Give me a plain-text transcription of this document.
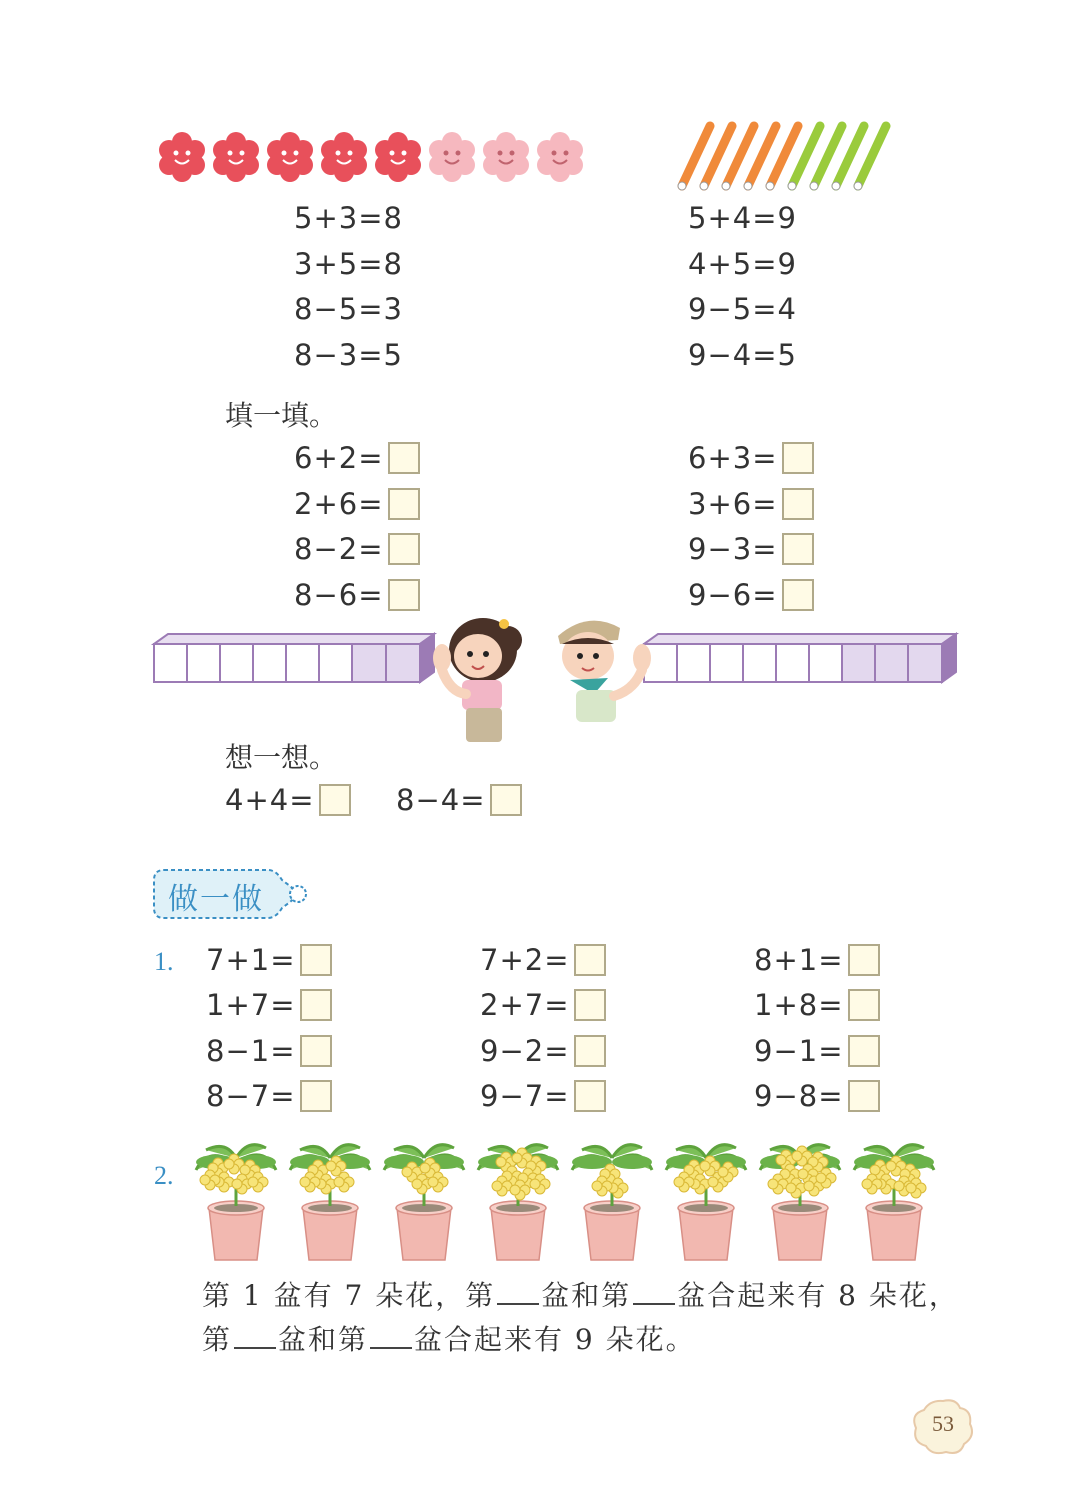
5+3=8
3+5=8
8−5=3
8−3=5
5+4=9
4+5=9
9−5=4
9−4=5
填一填。
6+2=
2+6=
8−2=
8−6=
6+3=
3+6=
9−3=
9−6=
想一想。
4+4=	8−4=
做一做
1. 7+1=
1+7=
8−1=
8−7=
7+2=
2+7=
9−2=
9−7=
8+1=
1+8=
9−1=
9−8=
2.
第 1 盆有 7 朵花，第 盆和第 盆合起来有 8 朵花，
第 盆和第 盆合起来有 9 朵花。
53
